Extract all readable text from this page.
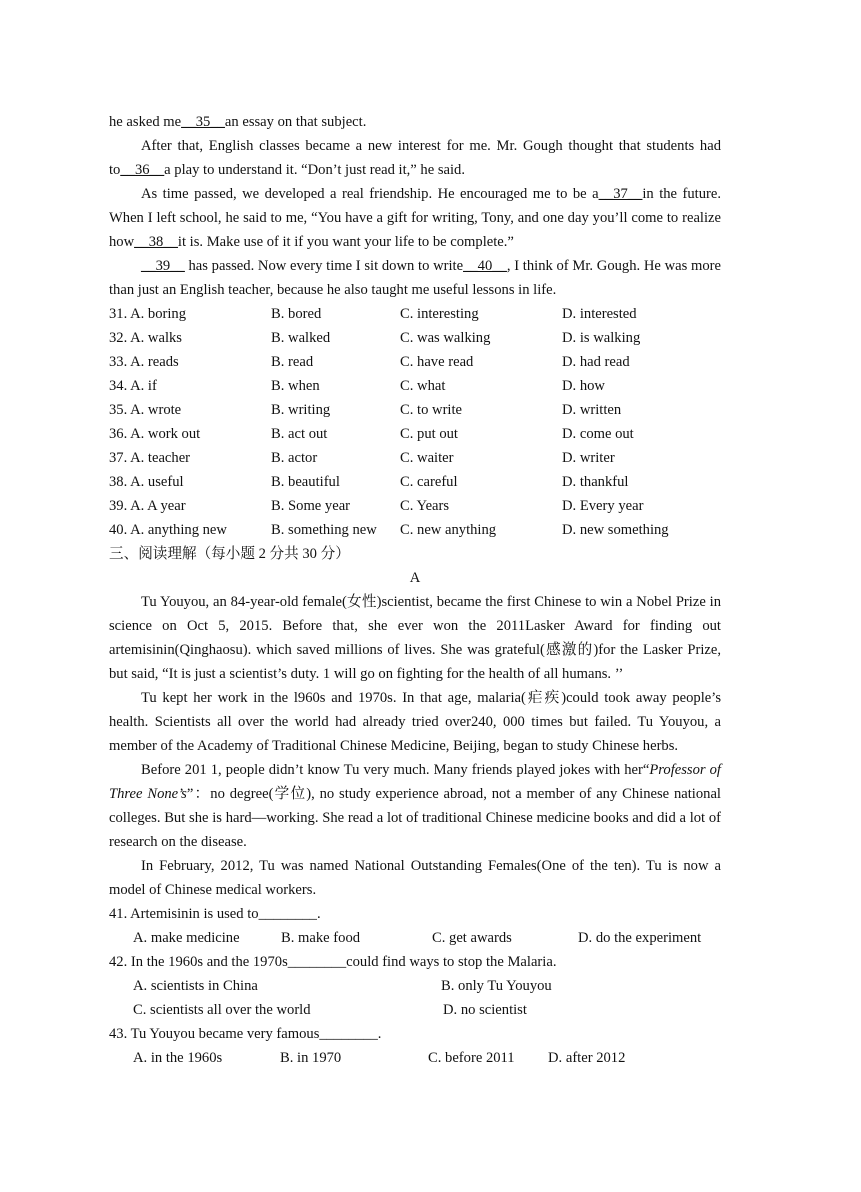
he asked me__35__an essay on that subject.

After that, English classes became a new interest for me. Mr. Gough thought that students had to__36__a play to understand it. “Don’t just read it,” he said.

As time passed, we developed a real friendship. He encouraged me to be a__37__in the future. When I left school, he said to me, “You have a gift for writing, Tony, and one day you’ll come to realize how__38__it is. Make use of it if you want your life to be complete.”

__39__ has passed. Now every time I sit down to write__40__, I think of Mr. Gough. He was more than just an English teacher, because he also taught me useful lessons in life.

31. A. boring	B. bored	C. interesting	D. interested
32. A. walks	B. walked	C. was walking	D. is walking
33. A. reads	B. read	C. have read	D. had read
34. A. if	B. when	C. what	D. how
35. A. wrote	B. writing	C. to write	D. written
36. A. work out	B. act out	C. put out	D. come out
37. A. teacher	B. actor	C. waiter	D. writer
38. A. useful	B. beautiful	C. careful	D. thankful
39. A. A year	B. Some year	C. Years	D. Every year
40. A. anything new	B. something new	C. new anything	D. new something

三、阅读理解（每小题 2 分共 30 分）

A

Tu Youyou, an 84-year-old female(女性)scientist, became the first Chinese to win a Nobel Prize in science on Oct 5, 2015. Before that, she ever won the 2011Lasker Award for finding out artemisinin(Qinghaosu). which saved millions of lives. She was grateful(感激的)for the Lasker Prize, but said, “It is just a scientist’s duty. 1 will go on fighting for the health of all humans. ’’

Tu kept her work in the l960s and 1970s. In that age, malaria(疟疾)could took away people’s health. Scientists all over the world had already tried over240, 000 times but failed. Tu Youyou, a member of the Academy of Traditional Chinese Medicine, Beijing, began to study Chinese herbs.

Before 201 1, people didn’t know Tu very much. Many friends played jokes with her“Professor of Three None’s”：no degree(学位), no study experience abroad, not a member of any Chinese national colleges. But she is hard—working. She read a lot of traditional Chinese medicine books and did a lot of research on the disease.

In February, 2012, Tu was named National Outstanding Females(One of the ten). Tu is now a model of Chinese medical workers.

41. Artemisinin is used to________.
A. make medicine	B. make food	C. get awards	D. do the experiment
42. In the 1960s and the 1970s________could find ways to stop the Malaria.
A. scientists in China	B. only Tu Youyou
C. scientists all over the world	D. no scientist
43. Tu Youyou became very famous________.
A. in the 1960s	B. in 1970	C. before 2011	D. after 2012
